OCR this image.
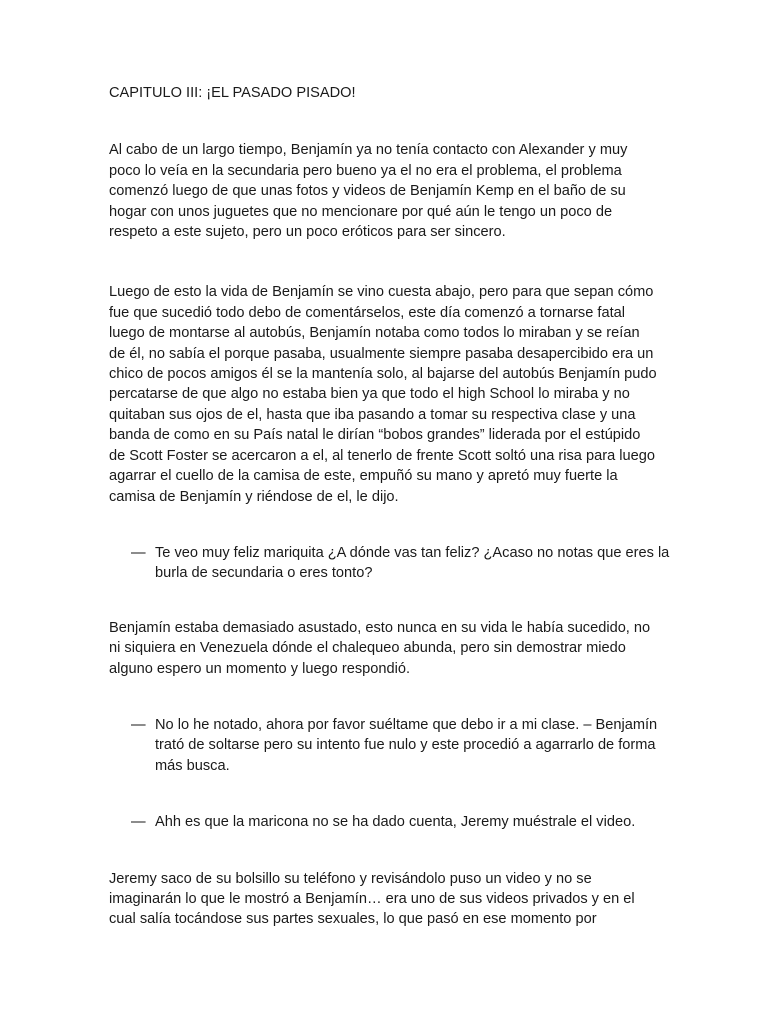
CAPITULO III: ¡EL PASADO PISADO!

Al cabo de un largo tiempo, Benjamín ya no tenía contacto con Alexander y muy poco lo veía en la secundaria pero bueno ya el no era el problema, el problema comenzó luego de que unas fotos y videos de Benjamín Kemp en el baño de su hogar con unos juguetes que no mencionare por qué aún le tengo un poco de respeto a este sujeto, pero un poco eróticos para ser sincero.

Luego de esto la vida de Benjamín se vino cuesta abajo, pero para que sepan cómo fue que sucedió todo debo de comentárselos, este día comenzó a tornarse fatal luego de montarse al autobús, Benjamín notaba como todos lo miraban y se reían de él, no sabía el porque pasaba, usualmente siempre pasaba desapercibido era un chico de pocos amigos él se la mantenía solo, al bajarse del autobús Benjamín pudo percatarse de que algo no estaba bien ya que todo el high School lo miraba y no quitaban sus ojos de el, hasta que iba pasando a tomar su respectiva clase y una banda de como en su País natal le dirían “bobos grandes” liderada por el estúpido de Scott Foster se acercaron a el, al tenerlo de frente Scott soltó una risa para luego agarrar el cuello de la camisa de este, empuñó su mano y apretó muy fuerte la camisa de Benjamín y riéndose de el, le dijo.

— Te veo muy feliz mariquita ¿A dónde vas tan feliz? ¿Acaso no notas que eres la burla de secundaria o eres tonto?

Benjamín estaba demasiado asustado, esto nunca en su vida le había sucedido, no ni siquiera en Venezuela dónde el chalequeo abunda, pero sin demostrar miedo alguno espero un momento y luego respondió.

— No lo he notado, ahora por favor suéltame que debo ir a mi clase. – Benjamín trató de soltarse pero su intento fue nulo y este procedió a agarrarlo de forma más busca.
— Ahh es que la maricona no se ha dado cuenta, Jeremy muéstrale el video.

Jeremy saco de su bolsillo su teléfono y revisándolo puso un video y no se imaginarán lo que le mostró a Benjamín… era uno de sus videos privados y en el cual salía tocándose sus partes sexuales, lo que pasó en ese momento por
